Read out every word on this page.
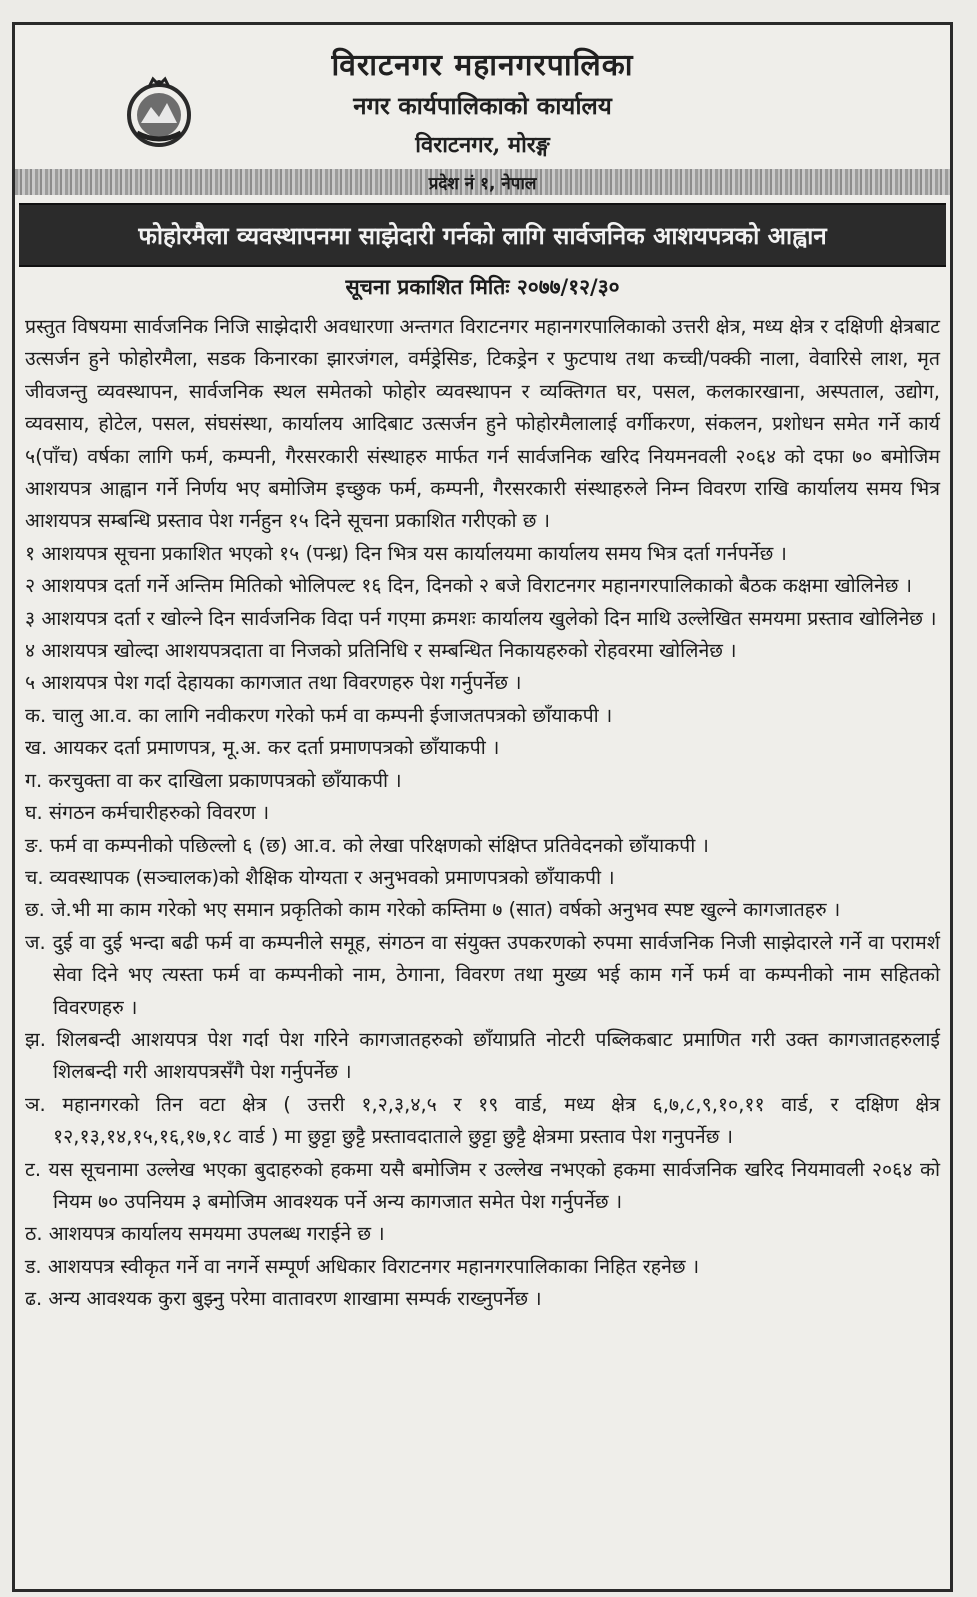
विराटनगर महानगरपालिका
नगर कार्यपालिकाको कार्यालय
विराटनगर, मोरङ्ग
प्रदेश नं १, नेपाल
फोहोरमैला व्यवस्थापनमा साझेदारी गर्नको लागि सार्वजनिक आशयपत्रको आह्वान
सूचना प्रकाशित मितिः २०७७/१२/३०

प्रस्तुत विषयमा सार्वजनिक निजि साझेदारी अवधारणा अन्तगत विराटनगर महानगरपालिकाको उत्तरी क्षेत्र, मध्य क्षेत्र र दक्षिणी क्षेत्रबाट उत्सर्जन हुने फोहोरमैला, सडक किनारका झारजंगल, वर्मड्रेसिङ, टिकड्रेन र फुटपाथ तथा कच्ची/पक्की नाला, वेवारिसे लाश, मृत जीवजन्तु व्यवस्थापन, सार्वजनिक स्थल समेतको फोहोर व्यवस्थापन र व्यक्तिगत घर, पसल, कलकारखाना, अस्पताल, उद्योग, व्यवसाय, होटेल, पसल, संघसंस्था, कार्यालय आदिबाट उत्सर्जन हुने फोहोरमैलालाई वर्गीकरण, संकलन, प्रशोधन समेत गर्ने कार्य ५(पाँच) वर्षका लागि फर्म, कम्पनी, गैरसरकारी संस्थाहरु मार्फत गर्न सार्वजनिक खरिद नियमनवली २०६४ को दफा ७० बमोजिम आशयपत्र आह्वान गर्ने निर्णय भए बमोजिम इच्छुक फर्म, कम्पनी, गैरसरकारी संस्थाहरुले निम्न विवरण राखि कार्यालय समय भित्र आशयपत्र सम्बन्धि प्रस्ताव पेश गर्नहुन १५ दिने सूचना प्रकाशित गरीएको छ ।

१ आशयपत्र सूचना प्रकाशित भएको १५ (पन्ध्र) दिन भित्र यस कार्यालयमा कार्यालय समय भित्र दर्ता गर्नपर्नेछ ।

२ आशयपत्र दर्ता गर्ने अन्तिम मितिको भोलिपल्ट १६ दिन, दिनको २ बजे विराटनगर महानगरपालिकाको बैठक कक्षमा खोलिनेछ ।

३ आशयपत्र दर्ता र खोल्ने दिन सार्वजनिक विदा पर्न गएमा क्रमशः कार्यालय खुलेको दिन माथि उल्लेखित समयमा प्रस्ताव खोलिनेछ ।

४ आशयपत्र खोल्दा आशयपत्रदाता वा निजको प्रतिनिधि र सम्बन्धित निकायहरुको रोहवरमा खोलिनेछ ।

५ आशयपत्र पेश गर्दा देहायका कागजात तथा विवरणहरु पेश गर्नुपर्नेछ ।

क. चालु आ.व. का लागि नवीकरण गरेको फर्म वा कम्पनी ईजाजतपत्रको छाँयाकपी ।

ख. आयकर दर्ता प्रमाणपत्र, मू.अ. कर दर्ता प्रमाणपत्रको छाँयाकपी ।

ग. करचुक्ता वा कर दाखिला प्रकाणपत्रको छाँयाकपी ।

घ. संगठन कर्मचारीहरुको विवरण ।

ङ. फर्म वा कम्पनीको पछिल्लो ६ (छ) आ.व. को लेखा परिक्षणको संक्षिप्त प्रतिवेदनको छाँयाकपी ।

च. व्यवस्थापक (सञ्चालक)को शैक्षिक योग्यता र अनुभवको प्रमाणपत्रको छाँयाकपी ।

छ. जे.भी मा काम गरेको भए समान प्रकृतिको काम गरेको कम्तिमा ७ (सात) वर्षको अनुभव स्पष्ट खुल्ने कागजातहरु ।

ज. दुई वा दुई भन्दा बढी फर्म वा कम्पनीले समूह, संगठन वा संयुक्त उपकरणको रुपमा सार्वजनिक निजी साझेदारले गर्ने वा परामर्श सेवा दिने भए त्यस्ता फर्म वा कम्पनीको नाम, ठेगाना, विवरण तथा मुख्य भई काम गर्ने फर्म वा कम्पनीको नाम सहितको विवरणहरु ।

झ. शिलबन्दी आशयपत्र पेश गर्दा पेश गरिने कागजातहरुको छाँयाप्रति नोटरी पब्लिकबाट प्रमाणित गरी उक्त कागजातहरुलाई शिलबन्दी गरी आशयपत्रसँगै पेश गर्नुपर्नेछ ।

ञ. महानगरको तिन वटा क्षेत्र ( उत्तरी १,२,३,४,५ र १९ वार्ड, मध्य क्षेत्र ६,७,८,९,१०,११ वार्ड, र दक्षिण क्षेत्र १२,१३,१४,१५,१६,१७,१८ वार्ड ) मा छुट्टा छुट्टै प्रस्तावदाताले छुट्टा छुट्टै क्षेत्रमा प्रस्ताव पेश गनुपर्नेछ ।

ट. यस सूचनामा उल्लेख भएका बुदाहरुको हकमा यसै बमोजिम र उल्लेख नभएको हकमा सार्वजनिक खरिद नियमावली २०६४ को नियम ७० उपनियम ३ बमोजिम आवश्यक पर्ने अन्य कागजात समेत पेश गर्नुपर्नेछ ।

ठ. आशयपत्र कार्यालय समयमा उपलब्ध गराईने छ ।

ड. आशयपत्र स्वीकृत गर्ने वा नगर्ने सम्पूर्ण अधिकार विराटनगर महानगरपालिकाका निहित रहनेछ ।

ढ. अन्य आवश्यक कुरा बुझ्नु परेमा वातावरण शाखामा सम्पर्क राख्नुपर्नेछ ।
